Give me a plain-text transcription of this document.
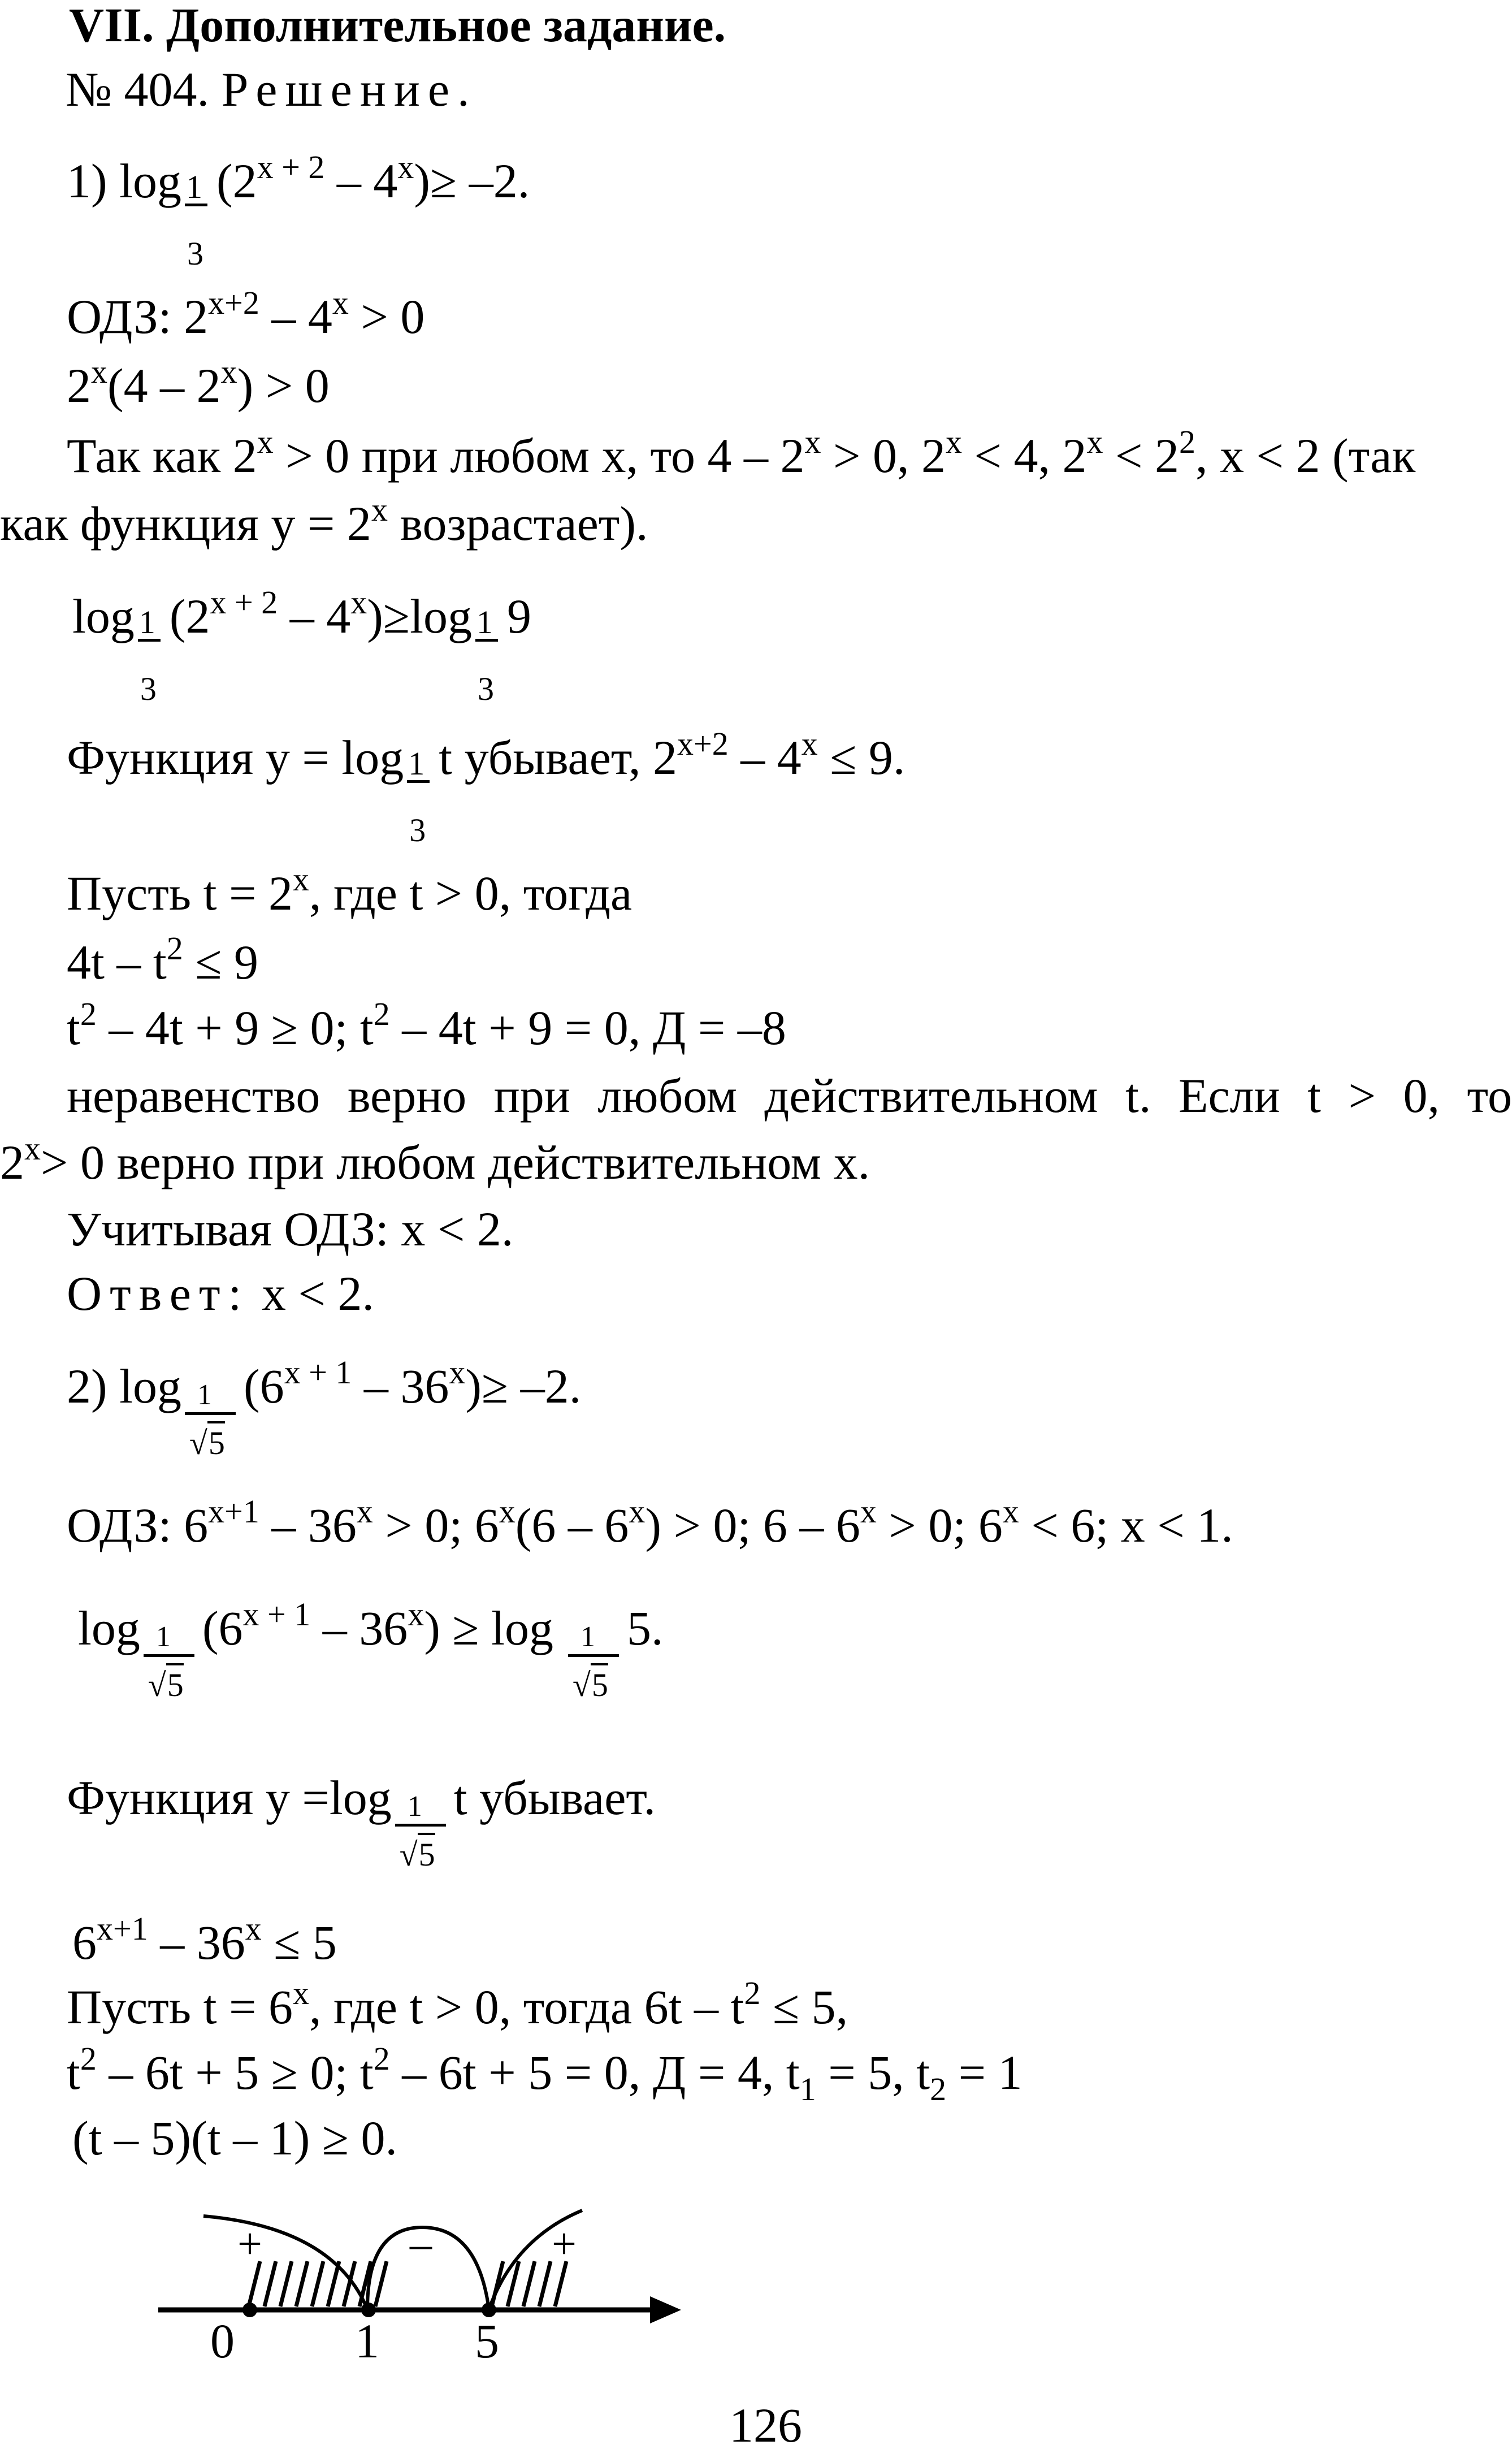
VII. Дополнительное задание.
№ 404. Решение.
1) log 1
3
$(2^{x + 2} - 4^x)\ge -2$.
ОДЗ: $2^{x+2} - 4^x > 0$
$2^x(4 - 2^x) > 0$
Так как $2^x > 0$ при любом x, то $4 - 2^x > 0$, $2^x < 4$, $2^x < 2^2$, x < 2 (так
как функция $y = 2^x$ возрастает).
log 1
3
$(2^{x + 2} - 4^x)\ge\log$ 1
3
9
Функция y = log 1
3
t убывает, $2^{x+2} - 4^x \le 9$.
Пусть $t = 2^x$, где t > 0, тогда
$4t - t^2 \le 9$
$t^2 - 4t + 9 \ge 0$; $t^2 - 4t + 9 = 0$, Д = –8
неравенство верно при любом действительном t. Если t > 0, то
$2^x> 0$ верно при любом действительном x.
Учитывая ОДЗ: x < 2.
Ответ: x < 2.
2) log 1
√5
$(6^{x + 1} - 36^x)\ge -2$.
ОДЗ: $6^{x+1} - 36^x > 0$; $6^x(6 - 6^x) > 0$; $6 - 6^x > 0$; $6^x < 6$; x < 1.
log 1
√5
$(6^{x + 1} - 36^x) \ge \log 1$
√5
5.
Функция y =log 1
√5
t убывает.
$6^{x+1} - 36^x \le 5$
Пусть $t = 6^x$, где t > 0, тогда $6t - t^2 \le 5$,
$t^2 - 6t + 5 \ge 0$; $t^2 - 6t + 5 = 0$, Д = 4, $t_1 = 5$, $t_2 = 1$
(t – 5)(t – 1) ≥ 0.
+	–	+
0 1 5
126
